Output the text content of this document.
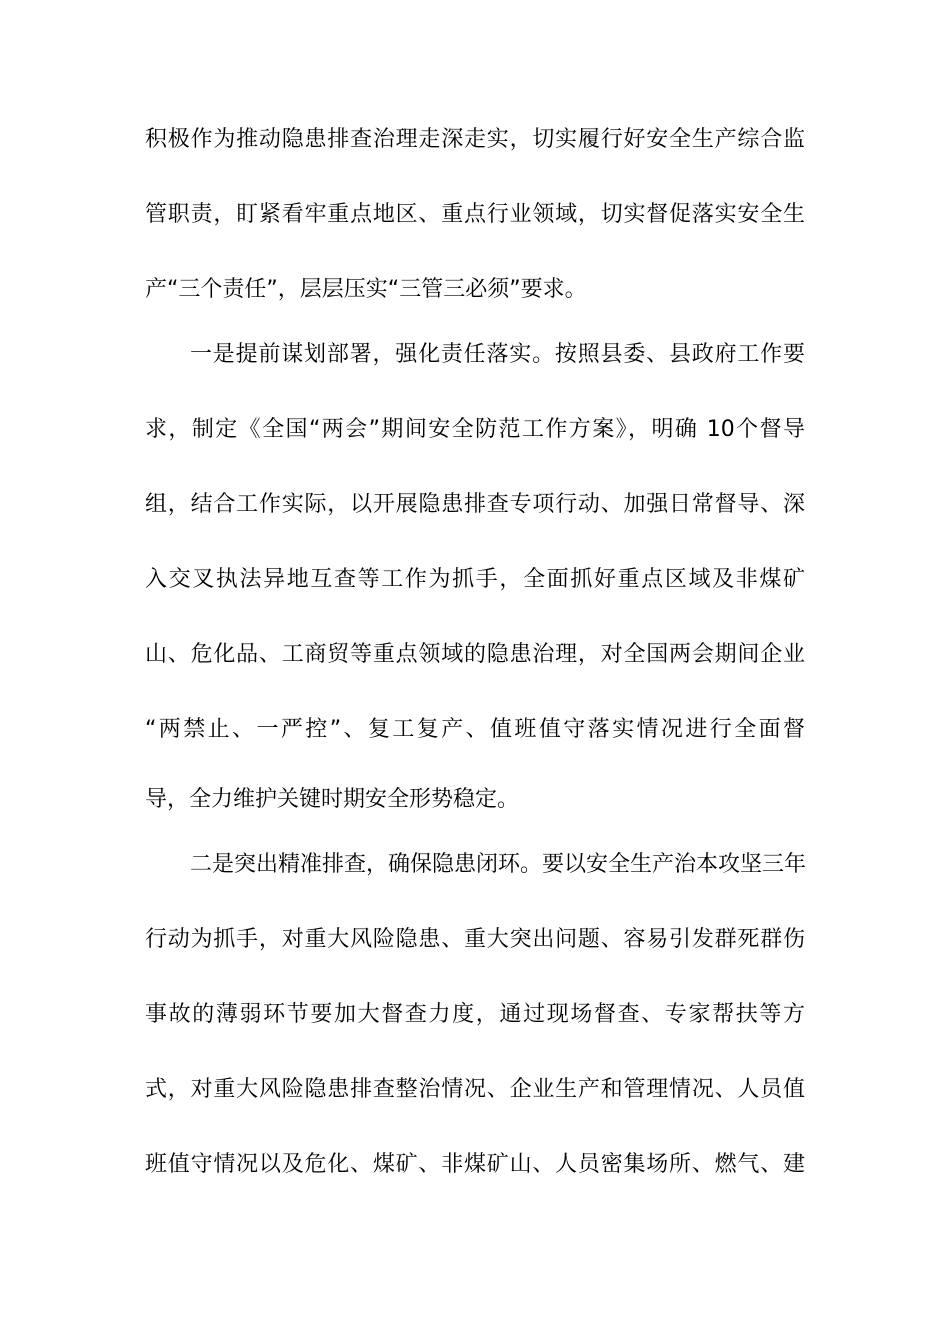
积极作为推动隐患排查治理走深走实，切实履行好安全生产综合监
管职责，盯紧看牢重点地区、重点行业领域，切实督促落实安全生
产“三个责任”，层层压实“三管三必须”要求。
一是提前谋划部署，强化责任落实。按照县委、县政府工作要
求，制定《全国“两会”期间安全防范工作方案》，明确 10个督导
组，结合工作实际，以开展隐患排查专项行动、加强日常督导、深
入交叉执法异地互查等工作为抓手，全面抓好重点区域及非煤矿
山、危化品、工商贸等重点领域的隐患治理，对全国两会期间企业
“两禁止、一严控”、复工复产、值班值守落实情况进行全面督
导，全力维护关键时期安全形势稳定。
二是突出精准排查，确保隐患闭环。要以安全生产治本攻坚三年
行动为抓手，对重大风险隐患、重大突出问题、容易引发群死群伤
事故的薄弱环节要加大督查力度，通过现场督查、专家帮扶等方
式，对重大风险隐患排查整治情况、企业生产和管理情况、人员值
班值守情况以及危化、煤矿、非煤矿山、人员密集场所、燃气、建
